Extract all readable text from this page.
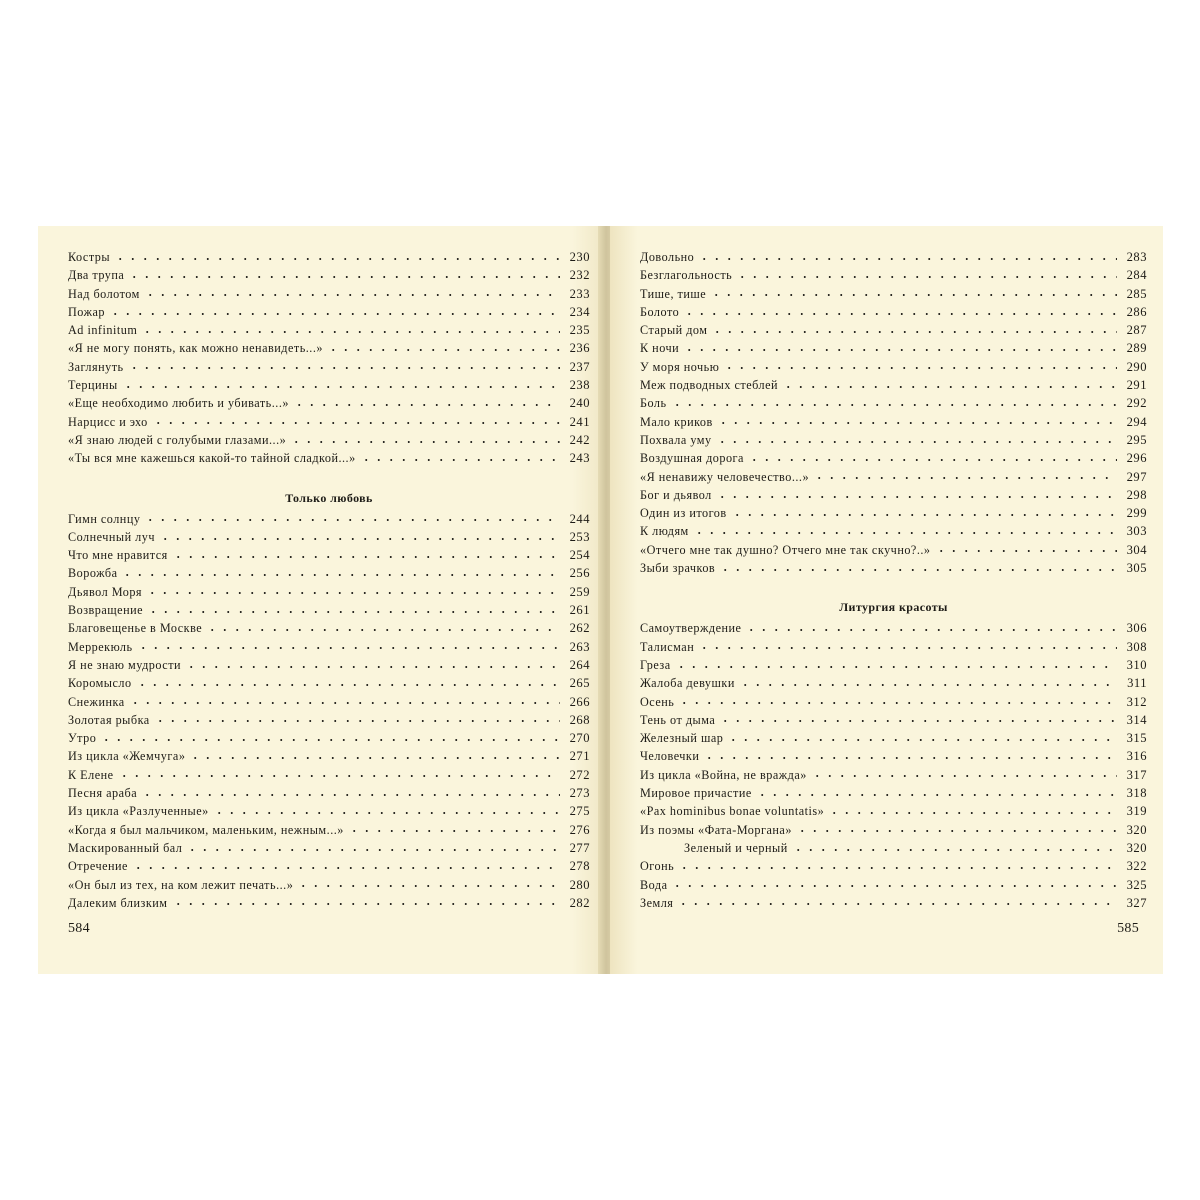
Костры	230
Два трупа	232
Над болотом	233
Пожар	234
Ad infinitum	235
«Я не могу понять, как можно ненавидеть...»	236
Заглянуть	237
Терцины	238
«Еще необходимо любить и убивать...»	240
Нарцисс и эхо	241
«Я знаю людей с голубыми глазами...»	242
«Ты вся мне кажешься какой-то тайной сладкой...»	243
Только любовь
Гимн солнцу	244
Солнечный луч	253
Что мне нравится	254
Ворожба	256
Дьявол Моря	259
Возвращение	261
Благовещенье в Москве	262
Меррекюль	263
Я не знаю мудрости	264
Коромысло	265
Снежинка	266
Золотая рыбка	268
Утро	270
Из цикла «Жемчуга»	271
К Елене	272
Песня араба	273
Из цикла «Разлученные»	275
«Когда я был мальчиком, маленьким, нежным...»	276
Маскированный бал	277
Отречение	278
«Он был из тех, на ком лежит печать...»	280
Далеким близким	282
584
Довольно	283
Безглагольность	284
Тише, тише	285
Болото	286
Старый дом	287
К ночи	289
У моря ночью	290
Меж подводных стеблей	291
Боль	292
Мало криков	294
Похвала уму	295
Воздушная дорога	296
«Я ненавижу человечество...»	297
Бог и дьявол	298
Один из итогов	299
К людям	303
«Отчего мне так душно? Отчего мне так скучно?..»	304
Зыби зрачков	305
Литургия красоты
Самоутверждение	306
Талисман	308
Греза	310
Жалоба девушки	311
Осень	312
Тень от дыма	314
Железный шар	315
Человечки	316
Из цикла «Война, не вражда»	317
Мировое причастие	318
«Pax hominibus bonae voluntatis»	319
Из поэмы «Фата-Моргана»	320
Зеленый и черный	320
Огонь	322
Вода	325
Земля	327
585
